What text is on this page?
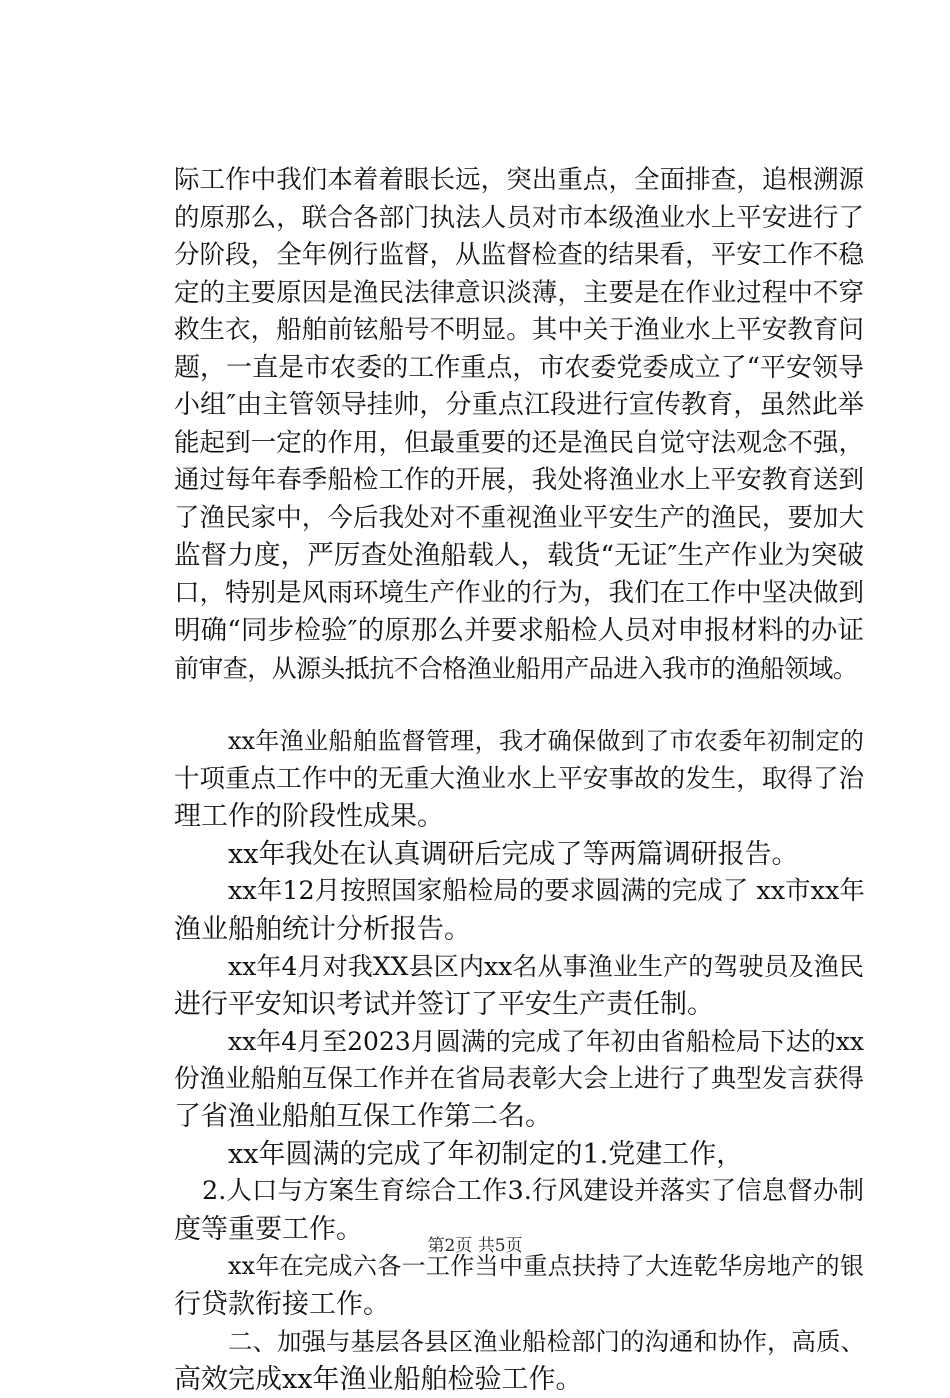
际工作中我们本着着眼长远，突出重点，全面排查，追根溯源
的原那么，联合各部门执法人员对市本级渔业水上平安进行了
分阶段，全年例行监督，从监督检查的结果看，平安工作不稳
定的主要原因是渔民法律意识淡薄，主要是在作业过程中不穿
救生衣，船舶前铉船号不明显。其中关于渔业水上平安教育问
题，一直是市农委的工作重点，市农委党委成立了“平安领导
小组″由主管领导挂帅，分重点江段进行宣传教育，虽然此举
能起到一定的作用，但最重要的还是渔民自觉守法观念不强，
通过每年春季船检工作的开展，我处将渔业水上平安教育送到
了渔民家中，今后我处对不重视渔业平安生产的渔民，要加大
监督力度，严厉查处渔船载人，载货“无证″生产作业为突破
口，特别是风雨环境生产作业的行为，我们在工作中坚决做到
明确“同步检验″的原那么并要求船检人员对申报材料的办证
前审查，从源头抵抗不合格渔业船用产品进入我市的渔船领域。
xx年渔业船舶监督管理，我才确保做到了市农委年初制定的
十项重点工作中的无重大渔业水上平安事故的发生，取得了治
理工作的阶段性成果。
xx年我处在认真调研后完成了等两篇调研报告。
xx年12月按照国家船检局的要求圆满的完成了 xx市xx年
渔业船舶统计分析报告。
xx年4月对我XX县区内xx名从事渔业生产的驾驶员及渔民
进行平安知识考试并签订了平安生产责任制。
xx年4月至2023月圆满的完成了年初由省船检局下达的xx
份渔业船舶互保工作并在省局表彰大会上进行了典型发言获得
了省渔业船舶互保工作第二名。
xx年圆满的完成了年初制定的1.党建工作，
2.人口与方案生育综合工作3.行风建设并落实了信息督办制
度等重要工作。
xx年在完成六各一工作当中重点扶持了大连乾华房地产的银
行贷款衔接工作。
二、加强与基层各县区渔业船检部门的沟通和协作，高质、
高效完成xx年渔业船舶检验工作。
第2页 共5页
